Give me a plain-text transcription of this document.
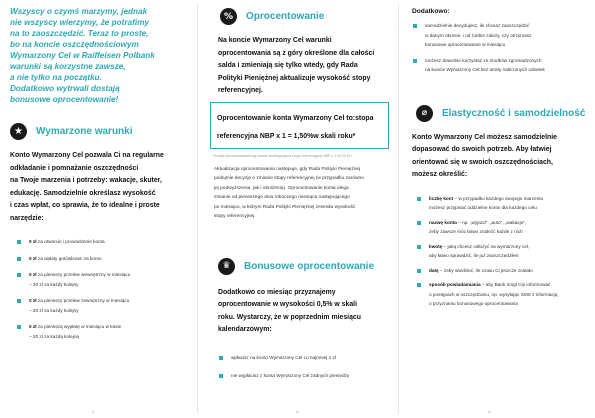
Wszyscy o czymś marzymy, jednak
nie wszyscy wierzymy, że potrafimy
na to zaoszczędzić. Teraz to proste,
bo na koncie oszczędnościowym
Wymarzony Cel w Raiffeisen Polbank
warunki są korzystne zawsze,
a nie tylko na początku.
Dodatkowo wytrwali dostają
bonusowe oprocentowanie!
★	Wymarzone warunki
Konto Wymarzony Cel pozwala Ci na regularne
odkładanie i pomnażanie oszczędności
na Twoje marzenia i potrzeby: wakacje, skuter,
edukację. Samodzielnie określasz wysokość
i czas wpłat, co sprawia, że to idealne i proste
narzędzie:
0 zł za otwarcie i prowadzenie konta
0 zł za wpłaty gotówkowe na konto
0 zł za pierwszy przelew wewnętrzny w miesiącu
– 20 zł za każdy kolejny
0 zł za pierwszy przelew zewnętrzny w miesiącu
– 20 zł za każdy kolejny
0 zł za pierwszą wypłatę w miesiącu w kasie
– 20 zł za każdą kolejną
2
%	Oprocentowanie
Na koncie Wymarzony Cel warunki
oprocentowania są z góry określone dla całości
salda i zmieniają się tylko wtedy, gdy Rada
Polityki Pieniężnej aktualizuje wysokość stopy
referencyjnej.
Oprocentowanie konta Wymarzony Cel to:stopa referencyjna NBP x 1 = 1,50%w skali roku*
* Kwota oprocentowania wg stawki obowiązującej stopy referencyjnej NBP z 1.04.2015 r.
Aktualizacja oprocentowania następuje, gdy Rada Polityki Pieniężnej
podejmie decyzję o zmianie stopy referencyjnej (w przypadku zarówno
jej podwyższenia, jak i obniżenia). Oprocentowanie konta ulega
zmianie od pierwszego dnia roboczego miesiąca następującego
po miesiącu, w którym Rada Polityki Pieniężnej zmieniła wysokość
stopy referencyjnej.
♛	Bonusowe oprocentowanie
Dodatkowo co miesiąc przyznajemy
oprocentowanie w wysokości 0,5% w skali
roku. Wystarczy, że w poprzednim miesiącu
kalendarzowym:
wpłacisz na konto Wymarzony Cel co najmniej 1 zł
nie wypłacisz z konta Wymarzony Cel żadnych pieniędzy
3
Dodatkowo:
samodzielnie decydujesz, ile chcesz zaoszczędzić
w danym okresie, i od Ciebie zależy, czy otrzymasz
bonusowe oprocentowanie w miesiącu
możesz dowolnie korzystać ze środków zgromadzonych
na koncie Wymarzony Cel bez utraty naliczonych odsetek
⌀	Elastyczność i samodzielność
Konto Wymarzony Cel możesz samodzielnie
dopasować do swoich potrzeb. Aby łatwiej
orientować się w swoich oszczędnościach,
możesz określić:
liczbę kont – w przypadku każdego swojego marzenia
możesz przypisać oddzielne konto dla każdego celu
nazwę konta – np. „wyjazd”, „auto”, „wakacje”,
żeby zawsze móc łatwo znaleźć każde z nich
kwotę – jaką chcesz odłożyć na wymarzony cel,
aby łatwo sprawdzić, ile już zaoszczędziłeś
datę – żeby wiedzieć, ile czasu Ci jeszcze zostało
sposób powiadamiania – aby Bank mógł Cię informować
o postępach w oszczędzaniu, np. wysyłając SMS z informacją
o przyznaniu bonusowego oprocentowania
4
